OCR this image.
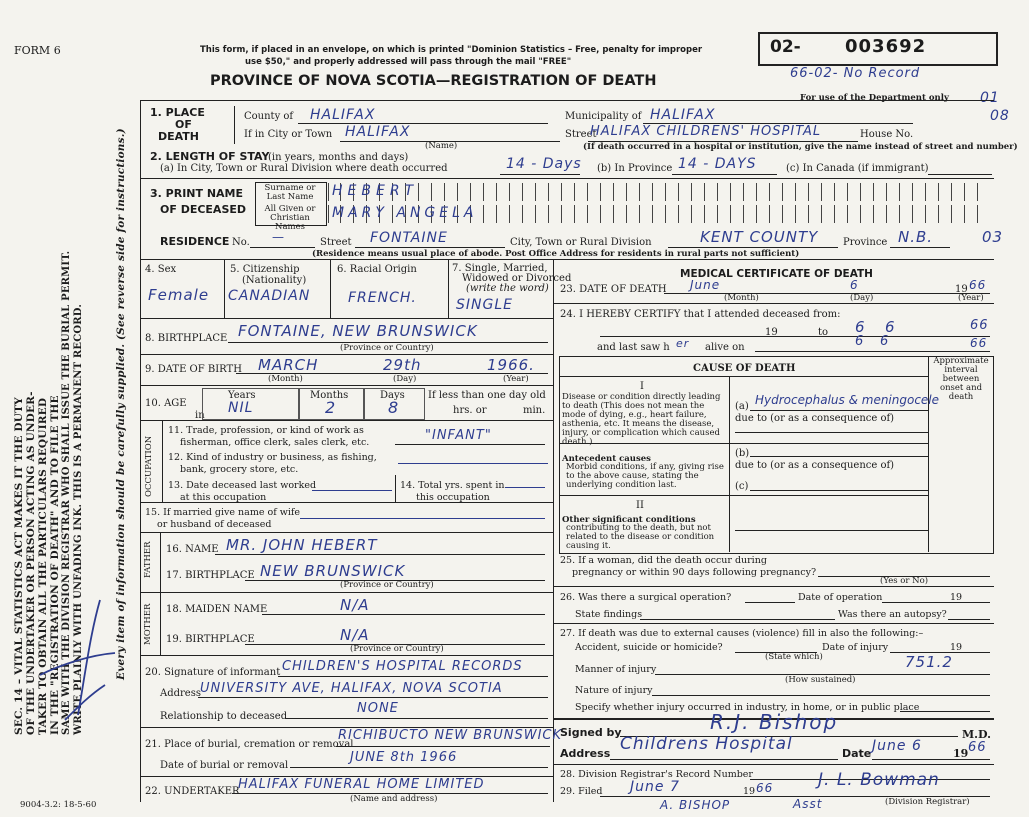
SEC. 14 – VITAL STATISTICS ACT MAKES IT THE DUTY OF THE UNDERTAKER OR PERSON ACTING AS UNDER- TAKER TO OBTAIN ALL THE PARTICULARS REQUIRED IN THE "REGISTRATION OF DEATH" AND TO FILE THE SAME WITH THE DIVISION REGISTRAR WHO SHALL ISSUE THE BURIAL PERMIT. WRITE PLAINLY WITH UNFADING INK. THIS IS A PERMANENT RECORD.	Every item of information should be carefully supplied.
(See reverse side for instructions.)
FORM 6	This form, if placed in an envelope, on which is printed "Dominion Statistics – Free, penalty for improper
use $50," and properly addressed will pass through the mail "FREE"
PROVINCE OF NOVA SCOTIA—REGISTRATION OF DEATH
02- 003692
66-02- No Record
For use of the Department only 01
08
1. PLACE
OF
DEATH
County of HALIFAX	Municipality of HALIFAX
If in City or Town HALIFAX
(Name)
Street
HALIFAX CHILDRENS' HOSPITAL	House No.
(If death occurred in a hospital or institution, give the name instead of street and number)
2. LENGTH OF STAY
(in years, months and days)
(a) In City, Town or Rural Division where death occurred	14 - Days (b) In Province 14 - DAYS	(c) In Canada (if immigrant)
3. PRINT NAME
OF DECEASED
Surname or Last Name
All Given or Christian Names
HEBERT
MARY ANGELA
RESIDENCE No. —	Street FONTAINE	City, Town or Rural Division	KENT COUNTY Province N.B.	03
(Residence means usual place of abode. Post Office Address for residents in rural parts not sufficient)
4. Sex
Female
5. Citizenship
(Nationality)
CANADIAN
6. Racial Origin
FRENCH.
7. Single, Married,
Widowed or Divorced
(write the word)
SINGLE
8. BIRTHPLACE FONTAINE, NEW BRUNSWICK
(Province or Country)
9. DATE OF BIRTH MARCH	29th	1966.
(Month)	(Day)	(Year)
10. AGE
in
Years	Months	Days
NIL	2	8
If less than one day old
hrs. or	min.
OCCUPATION
11. Trade, profession, or kind of work as
fisherman, office clerk, sales clerk, etc.	"INFANT"
12. Kind of industry or business, as fishing,
bank, grocery store, etc.
13. Date deceased last worked
at this occupation
14. Total yrs. spent in
this occupation
15. If married give name of wife
or husband of deceased
FATHER 16. NAME MR. JOHN HEBERT
17. BIRTHPLACE NEW BRUNSWICK
(Province or Country)
MOTHER 18. MAIDEN NAME	N/A
19. BIRTHPLACE	N/A
(Province or Country)
20. Signature of informant CHILDREN'S HOSPITAL RECORDS
Address UNIVERSITY AVE, HALIFAX, NOVA SCOTIA
Relationship to deceased
NONE
21. Place of burial, cremation or removal
RICHIBUCTO NEW BRUNSWICK
Date of burial or removal
JUNE 8th 1966
22. UNDERTAKER
HALIFAX FUNERAL HOME LIMITED
(Name and address)
9004-3.2: 18-5-60
MEDICAL CERTIFICATE OF DEATH
23. DATE OF DEATH June	6	19 66
(Month)	(Day)	(Year)
24. I HEREBY CERTIFY that I attended deceased from:
19	to 6 6	66
and last saw h er alive on	6 6	66
CAUSE OF DEATH
Approximate interval between onset and death
I
Disease or condition directly leading to death (This does not mean the mode of dying, e.g., heart failure, asthenia, etc. It means the disease, injury, or complication which caused death.)
(a) Hydrocephalus & meningocele
due to (or as a consequence of)
Antecedent causes
Morbid conditions, if any, giving rise to the above cause, stating the underlying condition last.
(b)
due to (or as a consequence of)
(c)
II
Other significant conditions
contributing to the death, but not related to the disease or condition causing it.
25. If a woman, did the death occur during
pregnancy or within 90 days following pregnancy?
(Yes or No)
26. Was there a surgical operation?	Date of operation	19
State findings	Was there an autopsy?
27. If death was due to external causes (violence) fill in also the following:–
Accident, suicide or homicide?
(State which)
Date of injury	19
Manner of injury	751.2
(How sustained)
Nature of injury
Specify whether injury occurred in industry, in home, or in public place
Signed by	R.J. Bishop
M.D.
Address Childrens Hospital	Date June 6	19 66
28. Division Registrar's Record Number
29. Filed June 7	19 66	J. L. Bowman
(Division Registrar)
Asst
A. BISHOP
